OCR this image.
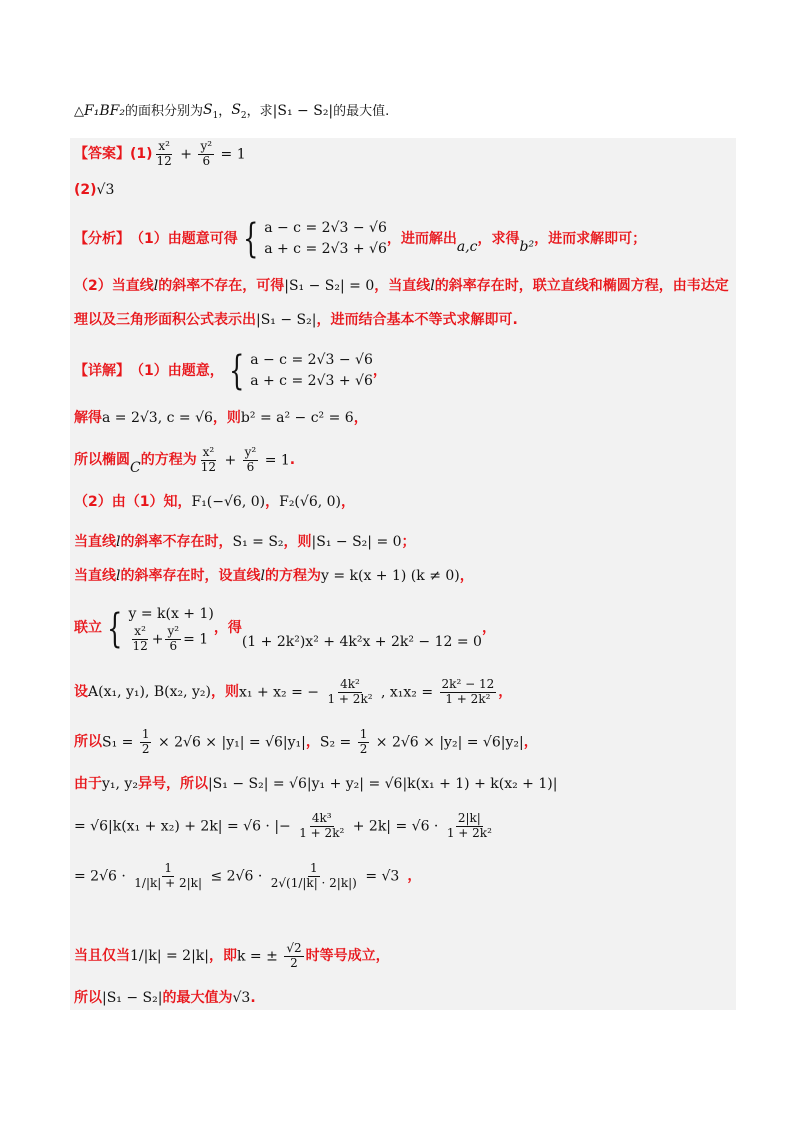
△ F₁BF₂ 的面积分别为 $S_1$ ， $S_2$ ， 求 |S₁ − S₂| 的最大值.
【答案】 $(1) \frac{\text{x²}}{12} + \frac{\text{y²}}{6} = 1$
(2) √3
【分析】 （1）由题意可得 { a − c = 2√3 − √6
a + c = 2√3 + √6
，进而解出 a,c ，求得 b² ，进而求解即可；
（2）当直线 l 的斜率不存在，可得 |S₁ − S₂| = 0 ，当直线 l 的斜率存在时，联立直线和椭圆方程，由韦达定
理以及三角形面积公式表示出 |S₁ − S₂| ，进而结合基本不等式求解即可.
【详解】 （1）由题意， { a − c = 2√3 − √6
a + c = 2√3 + √6
，
解得 a = 2√3, c = √6 ，则 b² = a² − c² = 6 ，
所以椭圆 C 的方程为 $\frac{\text{x²}}{12} + \frac{\text{y²}}{6} = 1$ .
（2）由（1）知， F₁(−√6, 0) ， F₂(√6, 0) ，
当直线 l 的斜率不存在时， S₁ = S₂ ，则 |S₁ − S₂| = 0 ；
当直线 l 的斜率存在时，设直线 l 的方程为 y = k(x + 1) (k ≠ 0) ，
联立 { y = k(x + 1)
$\frac{\text{x²}}{12} + \frac{\text{y²}}{6} = 1$
，得
(1 + 2k²)x² + 4k²x + 2k² − 12 = 0
，
设 A(x₁, y₁), B(x₂, y₂) ，则 x₁ + x₂ = − $\frac{\text{4k²}}{\text{1 + 2k²}}$ , $x_1x_2 = \frac{\text{2k² − 12}}{\text{1 + 2k²}}$ ，
所以 $S_1 = \frac{1}{2} \times 2√6 \times |y_1| = √6|y_1|$ ， $S_2 = \frac{1}{2} \times 2√6 \times |y_2| = √6|y_2|$ ，
由于 y₁, y₂ 异号，所以 |S₁ − S₂| = √6|y₁ + y₂| = √6|k(x₁ + 1) + k(x₂ + 1)|
= √6|k(x₁ + x₂) + 2k| = √6 · |− $\frac{\text{4k³}}{\text{1 + 2k²}} + 2k| = √6 \cdot \frac{2|k|}{\text{1 + 2k²}}$
= $2√6 \cdot \frac{1}{1/|k| + 2|k|} \le 2√6 \cdot \frac{1}{2√(1/|k| \cdot 2|k|)} = √3$ ，
当且仅当 1/|k| = 2|k| ，即 k = ± $\frac{√2}{2}$ 时等号成立，
所以 |S₁ − S₂| 的最大值为 √3 .
